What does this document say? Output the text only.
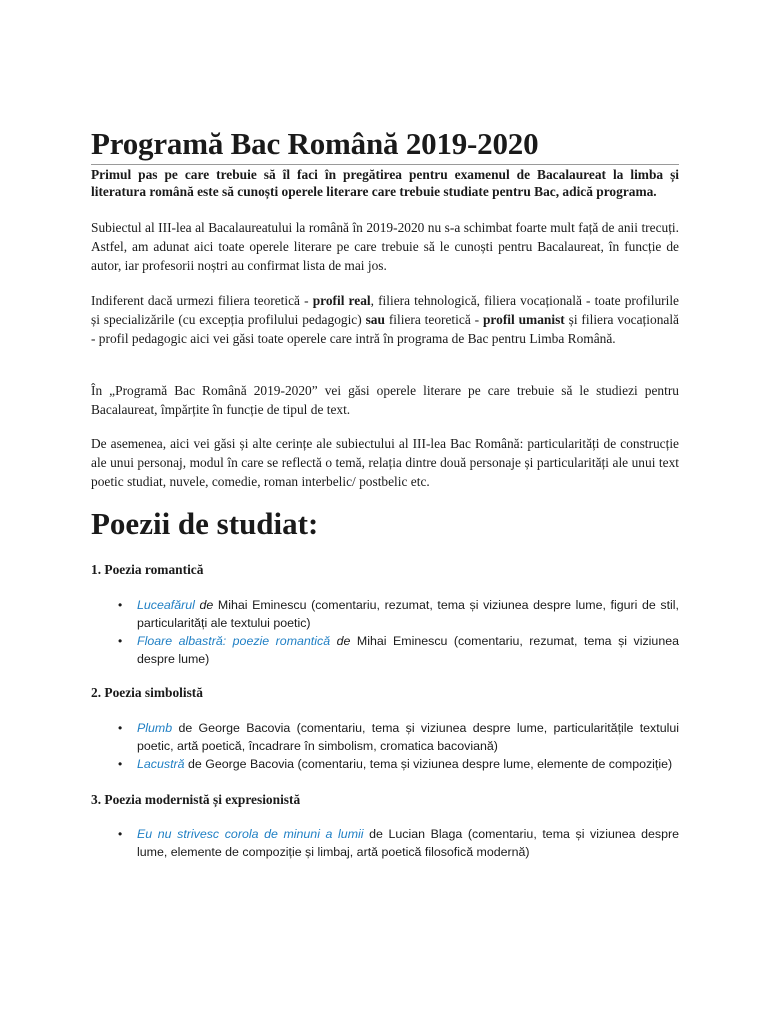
Programă Bac Română 2019-2020

Primul pas pe care trebuie să îl faci în pregătirea pentru examenul de Bacalaureat la limba și literatura română este să cunoști operele literare care trebuie studiate pentru Bac, adică programa.

Subiectul al III-lea al Bacalaureatului la română în 2019-2020 nu s-a schimbat foarte mult față de anii trecuți. Astfel, am adunat aici toate operele literare pe care trebuie să le cunoști pentru Bacalaureat, în funcție de autor, iar profesorii noștri au confirmat lista de mai jos.

Indiferent dacă urmezi filiera teoretică - profil real, filiera tehnologică, filiera vocațională - toate profilurile și specializările (cu excepția profilului pedagogic) sau filiera teoretică - profil umanist și filiera vocațională - profil pedagogic aici vei găsi toate operele care intră în programa de Bac pentru Limba Română.

În „Programă Bac Română 2019-2020” vei găsi operele literare pe care trebuie să le studiezi pentru Bacalaureat, împărțite în funcție de tipul de text.

De asemenea, aici vei găsi și alte cerințe ale subiectului al III-lea Bac Română: particularități de construcție ale unui personaj, modul în care se reflectă o temă, relația dintre două personaje și particularități ale unui text poetic studiat, nuvele, comedie, roman interbelic/ postbelic etc.

Poezii de studiat:
1. Poezia romantică
• Luceafărul de Mihai Eminescu (comentariu, rezumat, tema și viziunea despre lume, figuri de stil, particularități ale textului poetic)
• Floare albastră: poezie romantică de Mihai Eminescu (comentariu, rezumat, tema și viziunea despre lume)
2. Poezia simbolistă
• Plumb de George Bacovia (comentariu, tema și viziunea despre lume, particularitățile textului poetic, artă poetică, încadrare în simbolism, cromatica bacoviană)
• Lacustră de George Bacovia (comentariu, tema și viziunea despre lume, elemente de compoziție)
3. Poezia modernistă și expresionistă
• Eu nu strivesc corola de minuni a lumii de Lucian Blaga (comentariu, tema și viziunea despre lume, elemente de compoziție și limbaj, artă poetică filosofică modernă)
